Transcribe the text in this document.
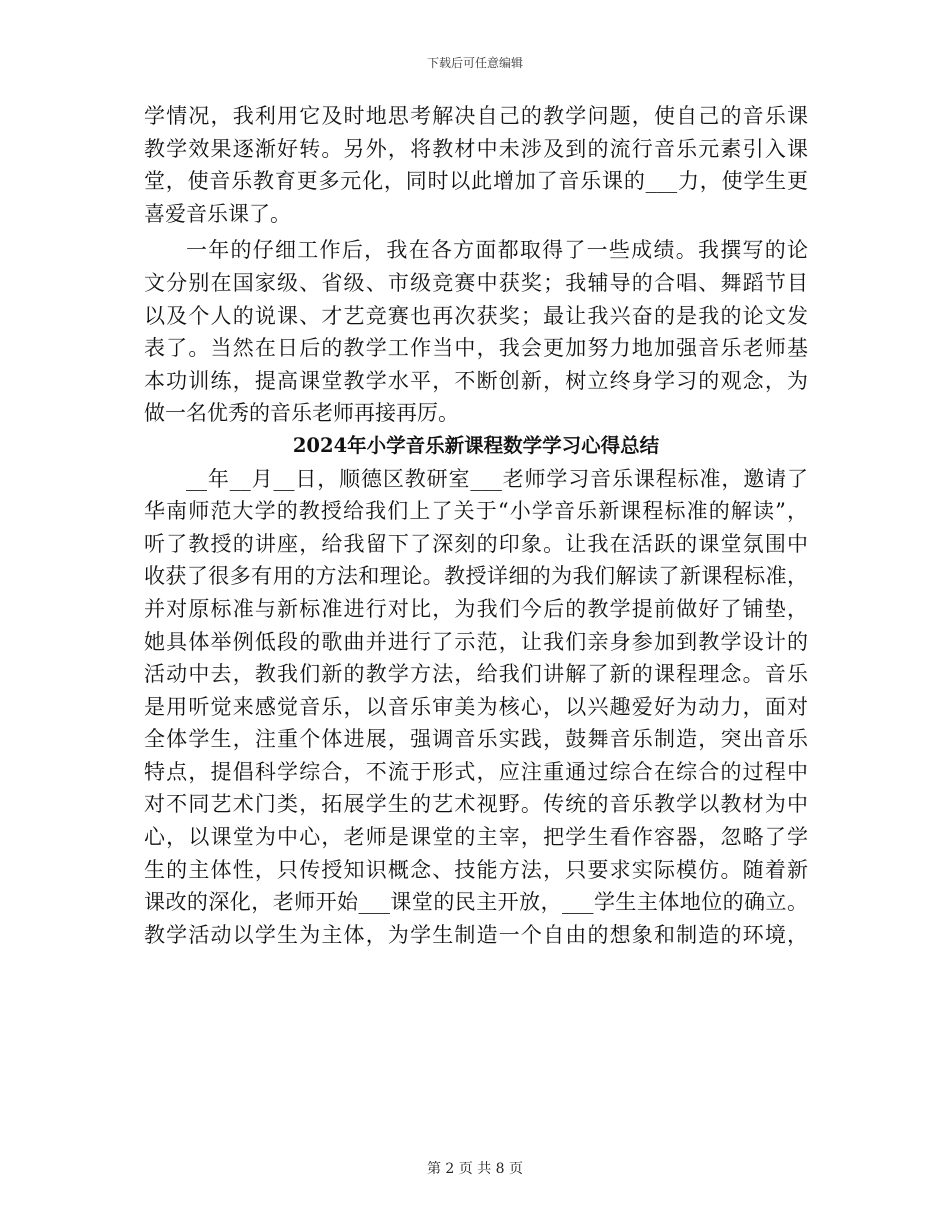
下载后可任意编辑
学情况，我利用它及时地思考解决自己的教学问题，使自己的音乐课
教学效果逐渐好转。另外，将教材中未涉及到的流行音乐元素引入课
堂，使音乐教育更多元化，同时以此增加了音乐课的___力，使学生更
喜爱音乐课了。
一年的仔细工作后，我在各方面都取得了一些成绩。我撰写的论
文分别在国家级、省级、市级竞赛中获奖；我辅导的合唱、舞蹈节目
以及个人的说课、才艺竞赛也再次获奖；最让我兴奋的是我的论文发
表了。当然在日后的教学工作当中，我会更加努力地加强音乐老师基
本功训练，提高课堂教学水平，不断创新，树立终身学习的观念，为
做一名优秀的音乐老师再接再厉。
2024年小学音乐新课程数学学习心得总结
__年__月__日，顺德区教研室___老师学习音乐课程标准，邀请了
华南师范大学的教授给我们上了关于“小学音乐新课程标准的解读”，
听了教授的讲座，给我留下了深刻的印象。让我在活跃的课堂氛围中
收获了很多有用的方法和理论。教授详细的为我们解读了新课程标准，
并对原标准与新标准进行对比，为我们今后的教学提前做好了铺垫，
她具体举例低段的歌曲并进行了示范，让我们亲身参加到教学设计的
活动中去，教我们新的教学方法，给我们讲解了新的课程理念。音乐
是用听觉来感觉音乐，以音乐审美为核心，以兴趣爱好为动力，面对
全体学生，注重个体进展，强调音乐实践，鼓舞音乐制造，突出音乐
特点，提倡科学综合，不流于形式，应注重通过综合在综合的过程中
对不同艺术门类，拓展学生的艺术视野。传统的音乐教学以教材为中
心，以课堂为中心，老师是课堂的主宰，把学生看作容器，忽略了学
生的主体性，只传授知识概念、技能方法，只要求实际模仿。随着新
课改的深化，老师开始___课堂的民主开放，___学生主体地位的确立。
教学活动以学生为主体，为学生制造一个自由的想象和制造的环境，
第 2 页 共 8 页
